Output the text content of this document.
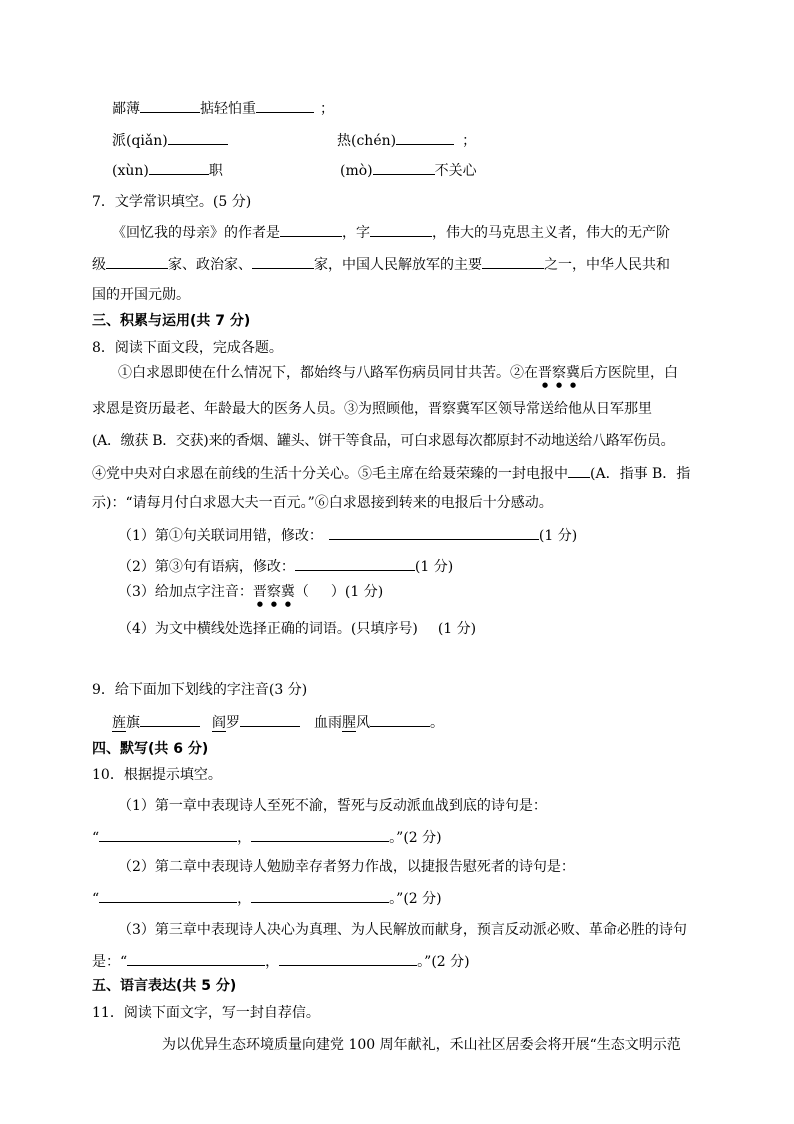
鄙薄	掂轻怕重	；
派(qiǎn)	热(chén)	；
(xùn)	职	(mò)	不关心
7．文学常识填空。(5 分)
《回忆我的母亲》的作者是	，字	，伟大的马克思主义者，伟大的无产阶
级	家、政治家、	家，中国人民解放军的主要	之一，中华人民共和
国的开国元勋。
三、积累与运用(共 7 分)
8．阅读下面文段，完成各题。
①白求恩即使在什么情况下，都始终与八路军伤病员同甘共苦。②在晋察冀后方医院里，白
求恩是资历最老、年龄最大的医务人员。③为照顾他，晋察冀军区领导常送给他从日军那里
(A．缴获 B．交获)来的香烟、罐头、饼干等食品，可白求恩每次都原封不动地送给八路军伤员。
④党中央对白求恩在前线的生活十分关心。⑤毛主席在给聂荣臻的一封电报中 (A．指事 B．指
示)：“请每月付白求恩大夫一百元。”⑥白求恩接到转来的电报后十分感动。
（1）第①句关联词用错，修改：	(1 分)
（2）第③句有语病，修改：	(1 分)
（3）给加点字注音：晋察冀（ ）(1 分)
（4）为文中横线处选择正确的词语。(只填序号) (1 分)
9．给下面加下划线的字注音(3 分)
旌旗	阎罗	血雨腥风	。
四、默写(共 6 分)
10．根据提示填空。
（1）第一章中表现诗人至死不渝，誓死与反动派血战到底的诗句是：
“	，	。”(2 分)
（2）第二章中表现诗人勉励幸存者努力作战，以捷报告慰死者的诗句是：
“	，	。”(2 分)
（3）第三章中表现诗人决心为真理、为人民解放而献身，预言反动派必败、革命必胜的诗句
是：“	，	。”(2 分)
五、语言表达(共 5 分)
11．阅读下面文字，写一封自荐信。
为以优异生态环境质量向建党 100 周年献礼，禾山社区居委会将开展“生态文明示范
